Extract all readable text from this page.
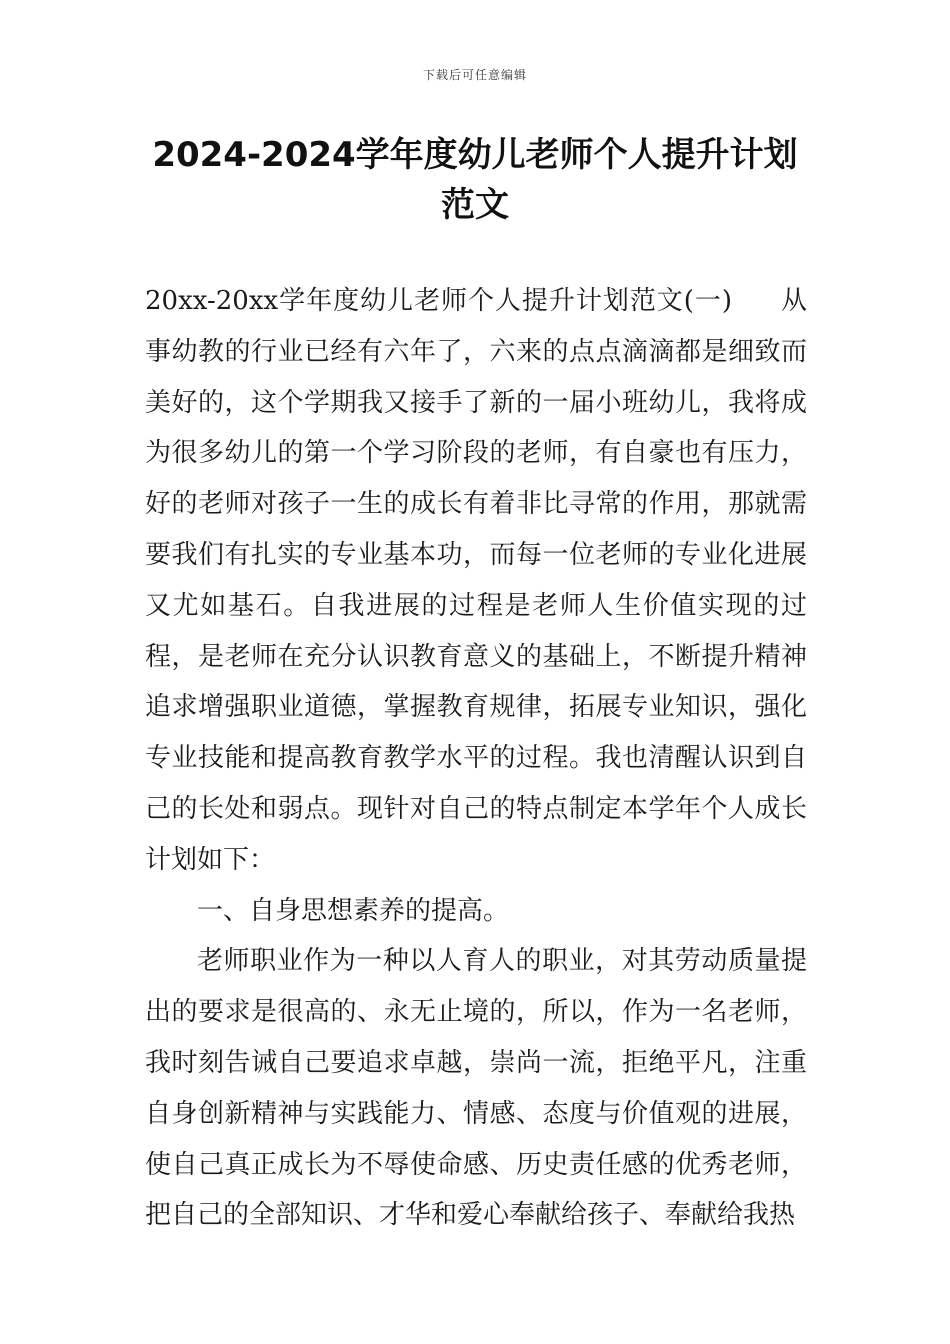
下载后可任意编辑
2024-2024学年度幼儿老师个人提升计划范文

20xx-20xx学年度幼儿老师个人提升计划范文(一) 从事幼教的行业已经有六年了，六来的点点滴滴都是细致而美好的，这个学期我又接手了新的一届小班幼儿，我将成为很多幼儿的第一个学习阶段的老师，有自豪也有压力，好的老师对孩子一生的成长有着非比寻常的作用，那就需要我们有扎实的专业基本功，而每一位老师的专业化进展又尤如基石。自我进展的过程是老师人生价值实现的过程，是老师在充分认识教育意义的基础上，不断提升精神追求增强职业道德，掌握教育规律，拓展专业知识，强化专业技能和提高教育教学水平的过程。我也清醒认识到自己的长处和弱点。现针对自己的特点制定本学年个人成长计划如下：

一、自身思想素养的提高。

老师职业作为一种以人育人的职业，对其劳动质量提出的要求是很高的、永无止境的，所以，作为一名老师，我时刻告诫自己要追求卓越，崇尚一流，拒绝平凡，注重自身创新精神与实践能力、情感、态度与价值观的进展，使自己真正成长为不辱使命感、历史责任感的优秀老师，把自己的全部知识、才华和爱心奉献给孩子、奉献给我热
